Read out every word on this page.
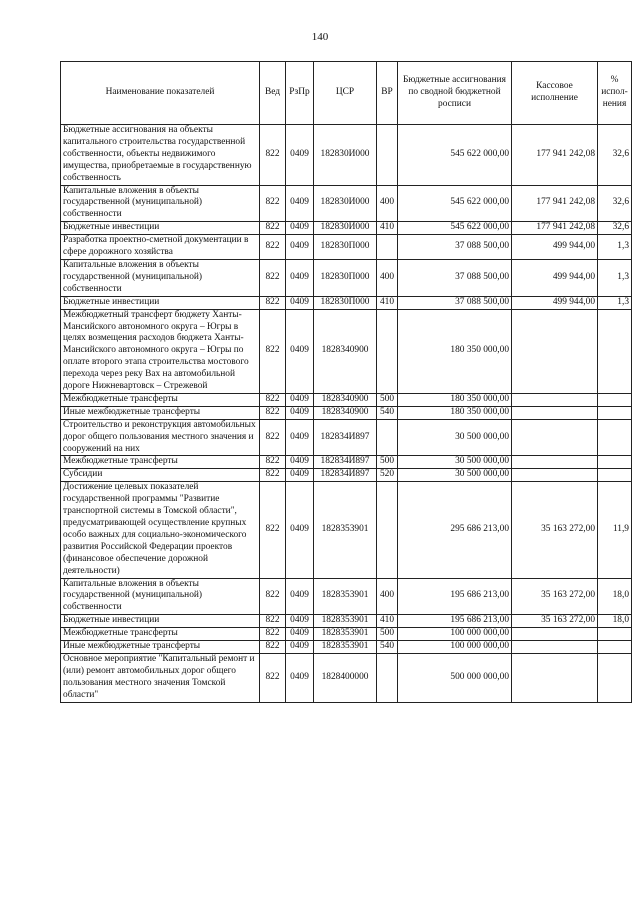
140
Наименование показателей	Вед	РзПр	ЦСР	ВР	Бюджетные ассигнования по сводной бюджетной росписи	Кассовое исполнение	% испол-нения
Бюджетные ассигнования на объекты капитального строительства государственной собственности, объекты недвижимого имущества, приобретаемые в государственную собственность	822	0409	182830И000		545 622 000,00	177 941 242,08	32,6
Капитальные вложения в объекты государственной (муниципальной) собственности	822	0409	182830И000	400	545 622 000,00	177 941 242,08	32,6
Бюджетные инвестиции	822	0409	182830И000	410	545 622 000,00	177 941 242,08	32,6
Разработка проектно-сметной документации в сфере дорожного хозяйства	822	0409	182830П000		37 088 500,00	499 944,00	1,3
Капитальные вложения в объекты государственной (муниципальной) собственности	822	0409	182830П000	400	37 088 500,00	499 944,00	1,3
Бюджетные инвестиции	822	0409	182830П000	410	37 088 500,00	499 944,00	1,3
Межбюджетный трансферт бюджету Ханты-Мансийского автономного округа – Югры в целях возмещения расходов бюджета Ханты-Мансийского автономного округа – Югры по оплате второго этапа строительства мостового перехода через реку Вах на автомобильной дороге Нижневартовск – Стрежевой	822	0409	1828340900		180 350 000,00		
Межбюджетные трансферты	822	0409	1828340900	500	180 350 000,00		
Иные межбюджетные трансферты	822	0409	1828340900	540	180 350 000,00		
Строительство и реконструкция автомобильных дорог общего пользования местного значения и сооружений на них	822	0409	182834И897		30 500 000,00		
Межбюджетные трансферты	822	0409	182834И897	500	30 500 000,00		
Субсидии	822	0409	182834И897	520	30 500 000,00		
Достижение целевых показателей государственной программы "Развитие транспортной системы в Томской области", предусматривающей осуществление крупных особо важных для социально-экономического развития Российской Федерации проектов (финансовое обеспечение дорожной деятельности)	822	0409	1828353901		295 686 213,00	35 163 272,00	11,9
Капитальные вложения в объекты государственной (муниципальной) собственности	822	0409	1828353901	400	195 686 213,00	35 163 272,00	18,0
Бюджетные инвестиции	822	0409	1828353901	410	195 686 213,00	35 163 272,00	18,0
Межбюджетные трансферты	822	0409	1828353901	500	100 000 000,00		
Иные межбюджетные трансферты	822	0409	1828353901	540	100 000 000,00		
Основное мероприятие "Капитальный ремонт и (или) ремонт автомобильных дорог общего пользования местного значения Томской области"	822	0409	1828400000		500 000 000,00		
